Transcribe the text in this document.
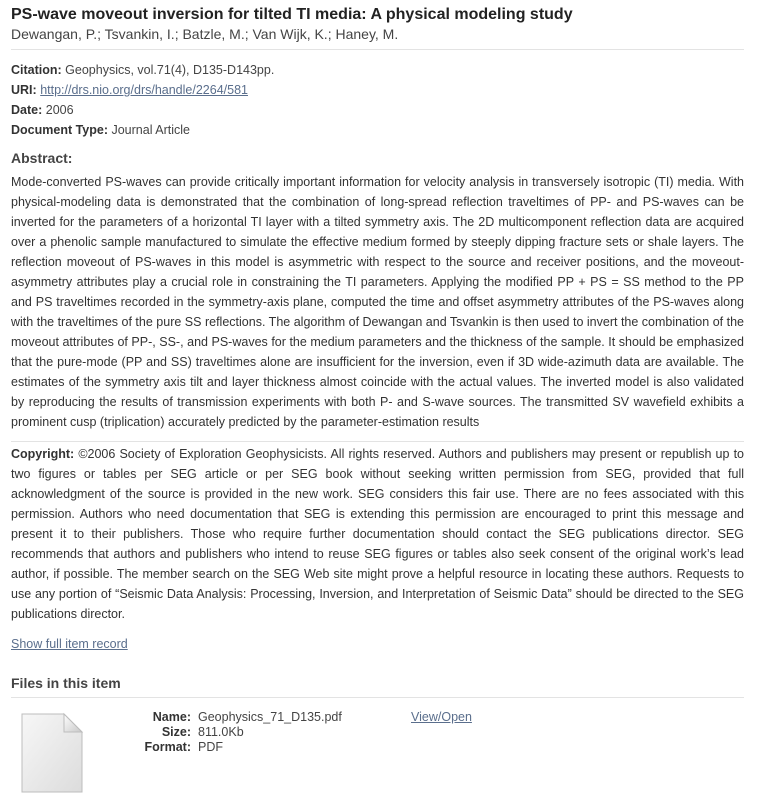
PS-wave moveout inversion for tilted TI media: A physical modeling study
Dewangan, P.; Tsvankin, I.; Batzle, M.; Van Wijk, K.; Haney, M.
Citation: Geophysics, vol.71(4), D135-D143pp.
URI: http://drs.nio.org/drs/handle/2264/581
Date: 2006
Document Type: Journal Article
Abstract:
Mode-converted PS-waves can provide critically important information for velocity analysis in transversely isotropic (TI) media. With physical-modeling data is demonstrated that the combination of long-spread reflection traveltimes of PP- and PS-waves can be inverted for the parameters of a horizontal TI layer with a tilted symmetry axis. The 2D multicomponent reflection data are acquired over a phenolic sample manufactured to simulate the effective medium formed by steeply dipping fracture sets or shale layers. The reflection moveout of PS-waves in this model is asymmetric with respect to the source and receiver positions, and the moveout-asymmetry attributes play a crucial role in constraining the TI parameters. Applying the modified PP + PS = SS method to the PP and PS traveltimes recorded in the symmetry-axis plane, computed the time and offset asymmetry attributes of the PS-waves along with the traveltimes of the pure SS reflections. The algorithm of Dewangan and Tsvankin is then used to invert the combination of the moveout attributes of PP-, SS-, and PS-waves for the medium parameters and the thickness of the sample. It should be emphasized that the pure-mode (PP and SS) traveltimes alone are insufficient for the inversion, even if 3D wide-azimuth data are available. The estimates of the symmetry axis tilt and layer thickness almost coincide with the actual values. The inverted model is also validated by reproducing the results of transmission experiments with both P- and S-wave sources. The transmitted SV wavefield exhibits a prominent cusp (triplication) accurately predicted by the parameter-estimation results
Copyright: ©2006 Society of Exploration Geophysicists. All rights reserved. Authors and publishers may present or republish up to two figures or tables per SEG article or per SEG book without seeking written permission from SEG, provided that full acknowledgment of the source is provided in the new work. SEG considers this fair use. There are no fees associated with this permission. Authors who need documentation that SEG is extending this permission are encouraged to print this message and present it to their publishers. Those who require further documentation should contact the SEG publications director. SEG recommends that authors and publishers who intend to reuse SEG figures or tables also seek consent of the original work’s lead author, if possible. The member search on the SEG Web site might prove a helpful resource in locating these authors. Requests to use any portion of “Seismic Data Analysis: Processing, Inversion, and Interpretation of Seismic Data” should be directed to the SEG publications director.
Show full item record
Files in this item
Name: Geophysics_71_D135.pdf
Size: 811.0Kb
Format: PDF
View/Open
